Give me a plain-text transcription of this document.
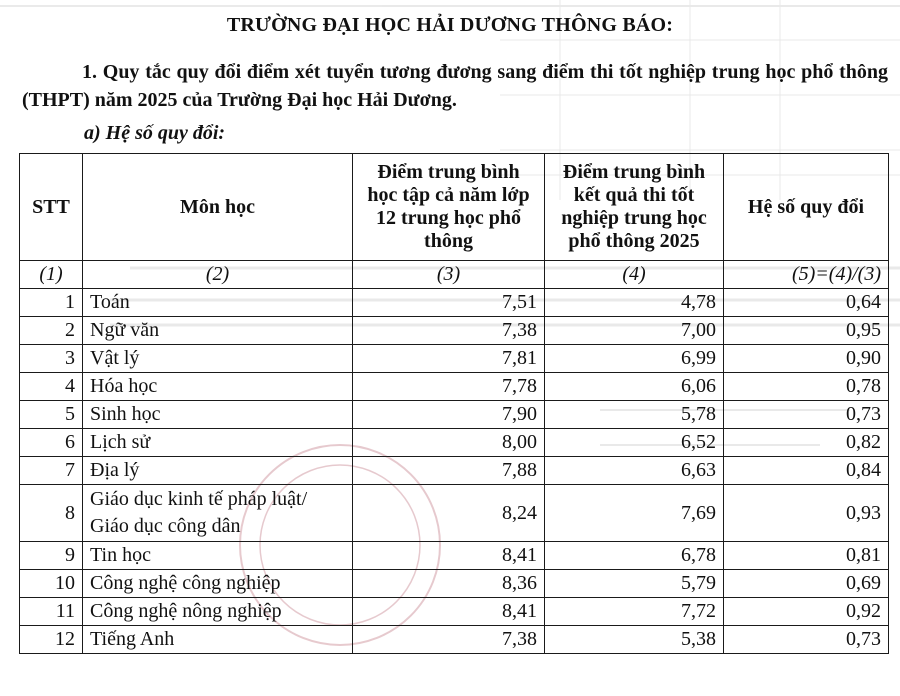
TRƯỜNG ĐẠI HỌC HẢI DƯƠNG THÔNG BÁO:
1. Quy tắc quy đổi điểm xét tuyển tương đương sang điểm thi tốt nghiệp trung học phổ thông (THPT) năm 2025 của Trường Đại học Hải Dương.
a) Hệ số quy đổi:
STT	Môn học	Điểm trung bình học tập cả năm lớp 12 trung học phổ thông	Điểm trung bình kết quả thi tốt nghiệp trung học phổ thông 2025	Hệ số quy đổi
(1)	(2)	(3)	(4)	(5)=(4)/(3)
1	Toán	7,51	4,78	0,64
2	Ngữ văn	7,38	7,00	0,95
3	Vật lý	7,81	6,99	0,90
4	Hóa học	7,78	6,06	0,78
5	Sinh học	7,90	5,78	0,73
6	Lịch sử	8,00	6,52	0,82
7	Địa lý	7,88	6,63	0,84
8	Giáo dục kinh tế pháp luật/
Giáo dục công dân	8,24	7,69	0,93
9	Tin học	8,41	6,78	0,81
10	Công nghệ công nghiệp	8,36	5,79	0,69
11	Công nghệ nông nghiệp	8,41	7,72	0,92
12	Tiếng Anh	7,38	5,38	0,73
